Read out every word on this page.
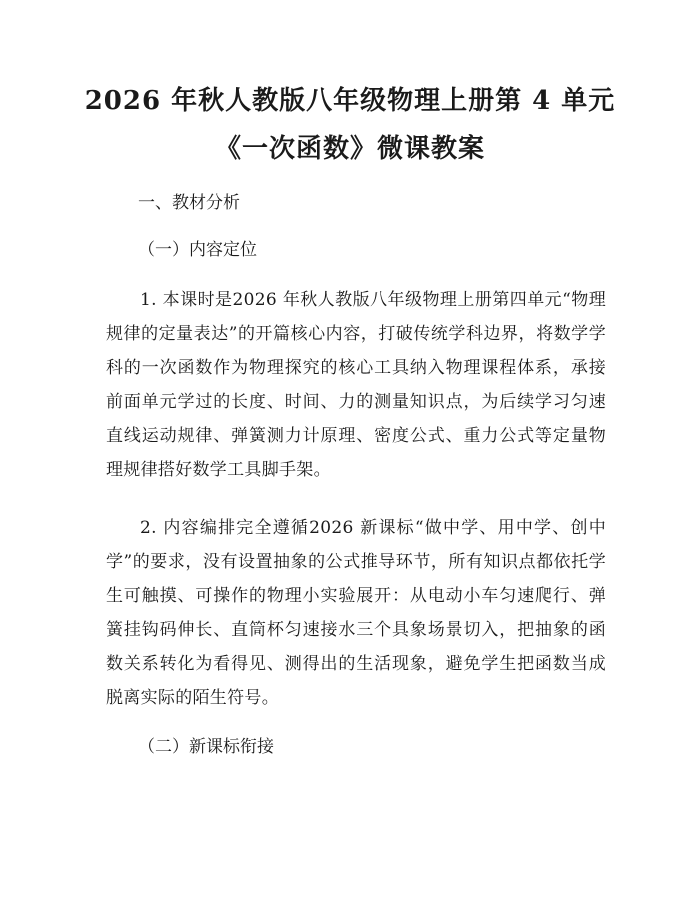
2026 年秋人教版八年级物理上册第 4 单元
《一次函数》微课教案
一、教材分析
（一）内容定位

1. 本课时是2026 年秋人教版八年级物理上册第四单元“物理规律的定量表达”的开篇核心内容，打破传统学科边界，将数学学科的一次函数作为物理探究的核心工具纳入物理课程体系，承接前面单元学过的长度、时间、力的测量知识点，为后续学习匀速直线运动规律、弹簧测力计原理、密度公式、重力公式等定量物理规律搭好数学工具脚手架。

2. 内容编排完全遵循2026 新课标“做中学、用中学、创中学”的要求，没有设置抽象的公式推导环节，所有知识点都依托学生可触摸、可操作的物理小实验展开：从电动小车匀速爬行、弹簧挂钩码伸长、直筒杯匀速接水三个具象场景切入，把抽象的函数关系转化为看得见、测得出的生活现象，避免学生把函数当成脱离实际的陌生符号。

（二）新课标衔接
